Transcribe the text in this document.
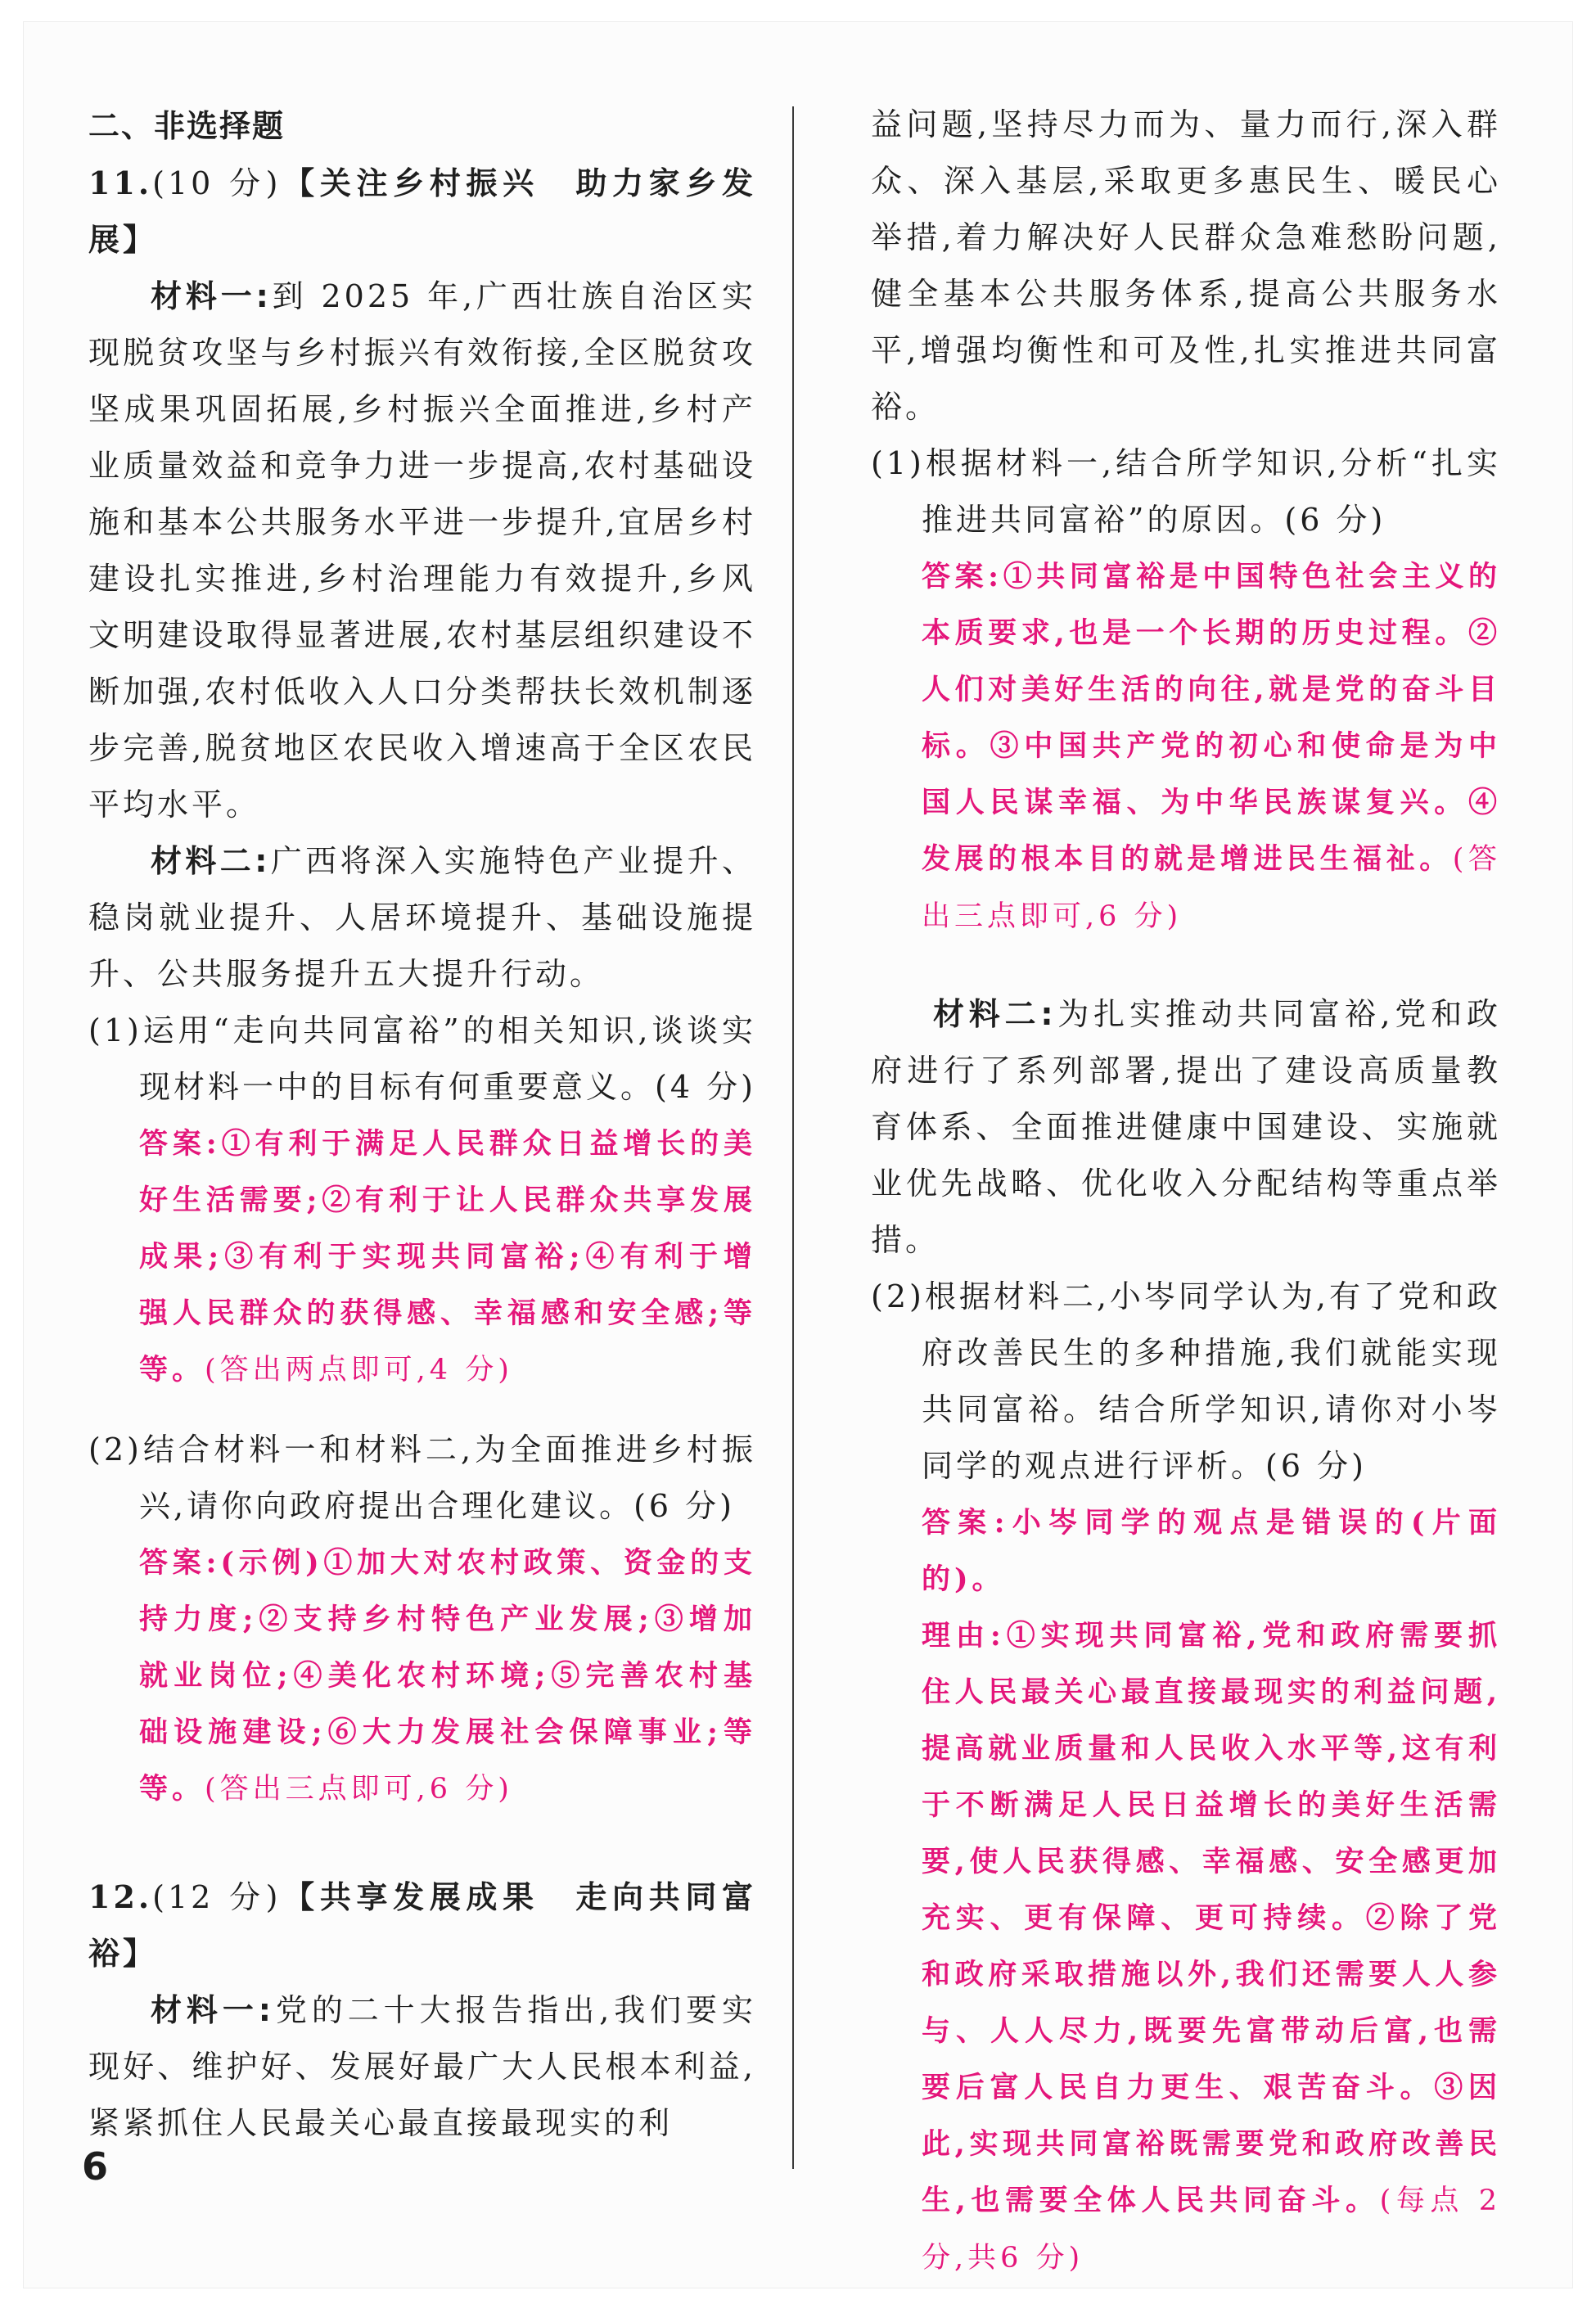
二、非选择题

11.(10 分)【关注乡村振兴　助力家乡发展】

材料一:到 2025 年,广西壮族自治区实现脱贫攻坚与乡村振兴有效衔接,全区脱贫攻坚成果巩固拓展,乡村振兴全面推进,乡村产业质量效益和竞争力进一步提高,农村基础设施和基本公共服务水平进一步提升,宜居乡村建设扎实推进,乡村治理能力有效提升,乡风文明建设取得显著进展,农村基层组织建设不断加强,农村低收入人口分类帮扶长效机制逐步完善,脱贫地区农民收入增速高于全区农民平均水平。

材料二:广西将深入实施特色产业提升、稳岗就业提升、人居环境提升、基础设施提升、公共服务提升五大提升行动。

(1)运用“走向共同富裕”的相关知识,谈谈实现材料一中的目标有何重要意义。(4 分)

答案:①有利于满足人民群众日益增长的美好生活需要;②有利于让人民群众共享发展成果;③有利于实现共同富裕;④有利于增强人民群众的获得感、幸福感和安全感;等等。(答出两点即可,4 分)

(2)结合材料一和材料二,为全面推进乡村振兴,请你向政府提出合理化建议。(6 分)

答案:(示例)①加大对农村政策、资金的支持力度;②支持乡村特色产业发展;③增加就业岗位;④美化农村环境;⑤完善农村基础设施建设;⑥大力发展社会保障事业;等等。(答出三点即可,6 分)

12.(12 分)【共享发展成果　走向共同富裕】

材料一:党的二十大报告指出,我们要实现好、维护好、发展好最广大人民根本利益,紧紧抓住人民最关心最直接最现实的利

益问题,坚持尽力而为、量力而行,深入群众、深入基层,采取更多惠民生、暖民心举措,着力解决好人民群众急难愁盼问题,健全基本公共服务体系,提高公共服务水平,增强均衡性和可及性,扎实推进共同富裕。

(1)根据材料一,结合所学知识,分析“扎实推进共同富裕”的原因。(6 分)

答案:①共同富裕是中国特色社会主义的本质要求,也是一个长期的历史过程。②人们对美好生活的向往,就是党的奋斗目标。③中国共产党的初心和使命是为中国人民谋幸福、为中华民族谋复兴。④发展的根本目的就是增进民生福祉。(答出三点即可,6 分)

材料二:为扎实推动共同富裕,党和政府进行了系列部署,提出了建设高质量教育体系、全面推进健康中国建设、实施就业优先战略、优化收入分配结构等重点举措。

(2)根据材料二,小岑同学认为,有了党和政府改善民生的多种措施,我们就能实现共同富裕。结合所学知识,请你对小岑同学的观点进行评析。(6 分)

答案:小岑同学的观点是错误的(片面的)。

理由:①实现共同富裕,党和政府需要抓住人民最关心最直接最现实的利益问题,提高就业质量和人民收入水平等,这有利于不断满足人民日益增长的美好生活需要,使人民获得感、幸福感、安全感更加充实、更有保障、更可持续。②除了党和政府采取措施以外,我们还需要人人参与、人人尽力,既要先富带动后富,也需要后富人民自力更生、艰苦奋斗。③因此,实现共同富裕既需要党和政府改善民生,也需要全体人民共同奋斗。(每点 2 分,共6 分)

6
